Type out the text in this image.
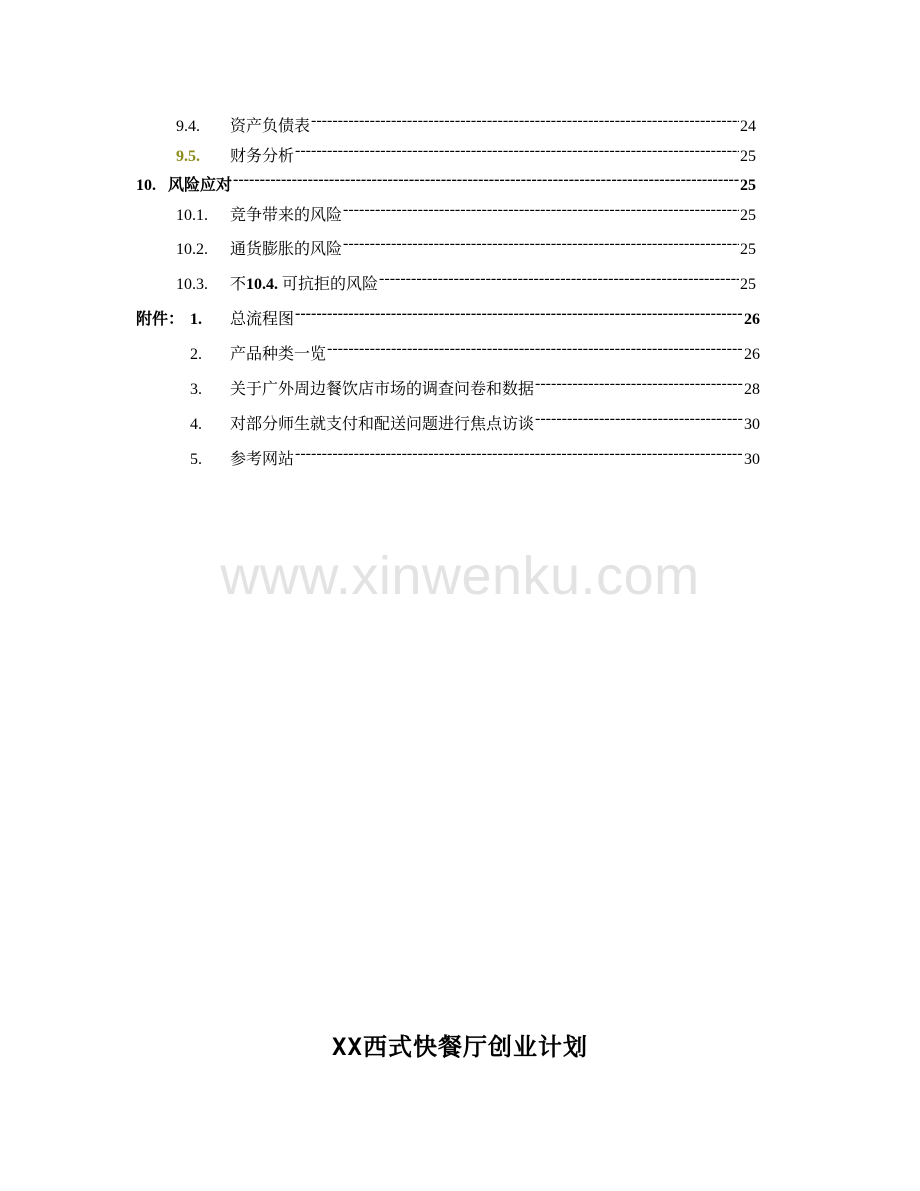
9.4.	资产负债表 -----	24
9.5.	财务分析 -----	25
10. 风险应对 -----	25
10.1.	竞争带来的风险 -----	25
10.2.	通货膨胀的风险 -----	25
10.3.	不10.4. 可抗拒的风险 -----	25
附件： 1.	总流程图 -----	26
2.	产品种类一览 -----	26
3.	关于广外周边餐饮店市场的调查问卷和数据 -----	28
4.	对部分师生就支付和配送问题进行焦点访谈 -----	30
5.	参考网站 -----	30
www.xinwenku.com
XX西式快餐厅创业计划
